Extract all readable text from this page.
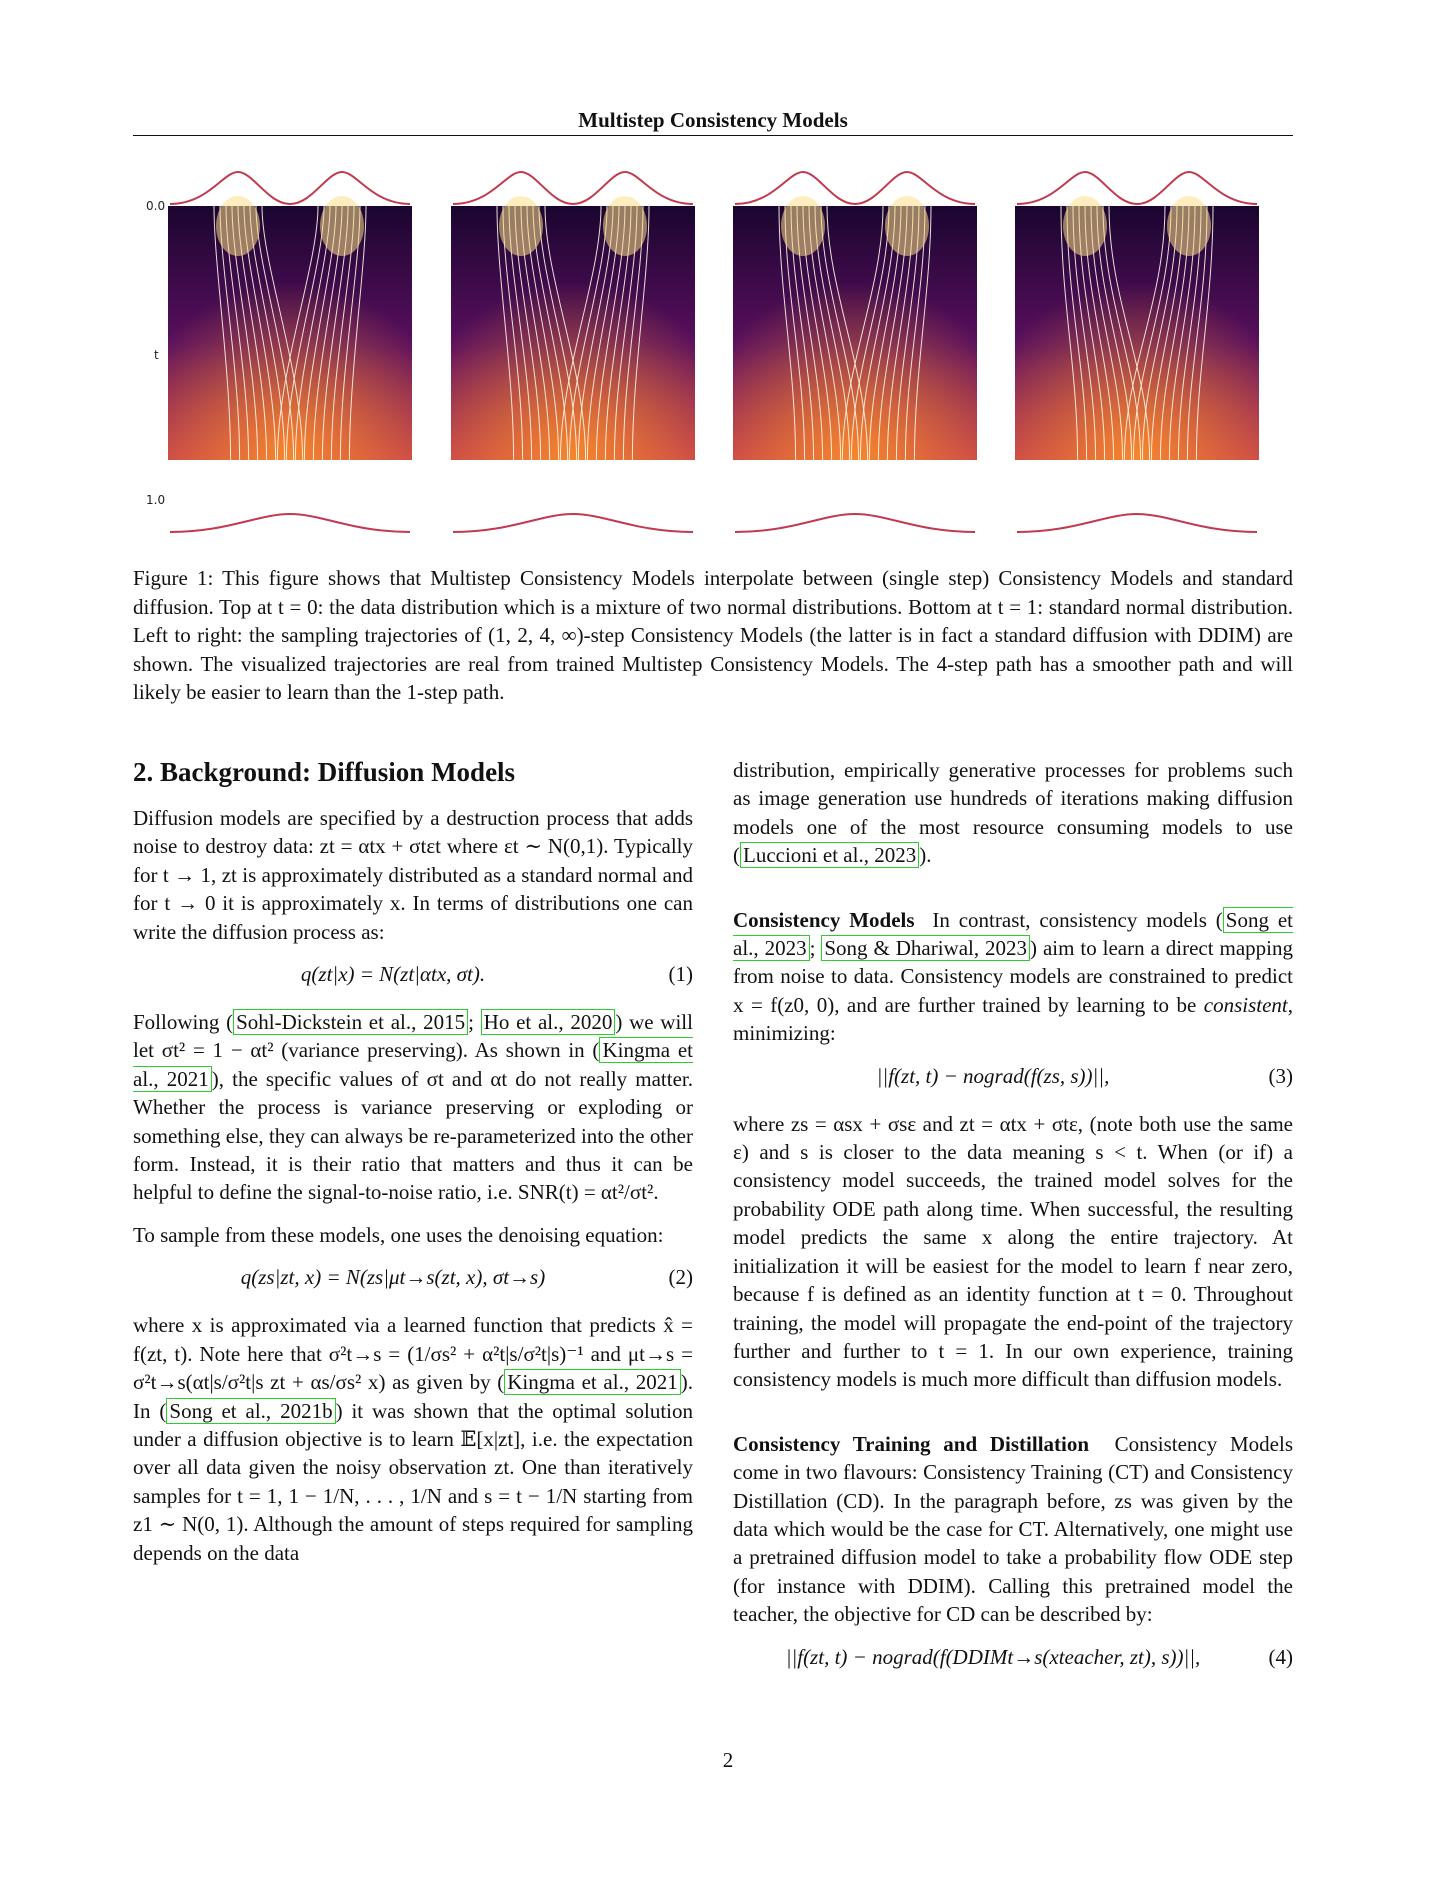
Multistep Consistency Models
0.0
t
1.0
Figure 1: This figure shows that Multistep Consistency Models interpolate between (single step) Consistency Models and standard diffusion. Top at t = 0: the data distribution which is a mixture of two normal distributions. Bottom at t = 1: standard normal distribution. Left to right: the sampling trajectories of (1, 2, 4, ∞)-step Consistency Models (the latter is in fact a standard diffusion with DDIM) are shown. The visualized trajectories are real from trained Multistep Consistency Models. The 4-step path has a smoother path and will likely be easier to learn than the 1-step path.
2. Background: Diffusion Models

Diffusion models are specified by a destruction process that adds noise to destroy data: zt = αtx + σtεt where εt ∼ N(0,1). Typically for t → 1, zt is approximately distributed as a standard normal and for t → 0 it is approximately x. In terms of distributions one can write the diffusion process as:

q(zt|x) = N(zt|αtx, σt).	(1)

Following ( Sohl-Dickstein et al., 2015 ; Ho et al., 2020 ) we will let σt² = 1 − αt² (variance preserving). As shown in ( Kingma et al., 2021 ), the specific values of σt and αt do not really matter. Whether the process is variance preserving or exploding or something else, they can always be re-parameterized into the other form. Instead, it is their ratio that matters and thus it can be helpful to define the signal-to-noise ratio, i.e. SNR(t) = αt²/σt².

To sample from these models, one uses the denoising equation:

q(zs|zt, x) = N(zs|μt→s(zt, x), σt→s)	(2)

where x is approximated via a learned function that predicts x̂ = f(zt, t). Note here that σ²t→s = (1/σs² + α²t|s/σ²t|s)⁻¹ and μt→s = σ²t→s(αt|s/σ²t|s zt + αs/σs² x) as given by ( Kingma et al., 2021 ). In ( Song et al., 2021b ) it was shown that the optimal solution under a diffusion objective is to learn 𝔼[x|zt], i.e. the expectation over all data given the noisy observation zt. One than iteratively samples for t = 1, 1 − 1/N, . . . , 1/N and s = t − 1/N starting from z1 ∼ N(0, 1). Although the amount of steps required for sampling depends on the data

distribution, empirically generative processes for problems such as image generation use hundreds of iterations making diffusion models one of the most resource consuming models to use ( Luccioni et al., 2023 ).

Consistency Models In contrast, consistency models ( Song et al., 2023 ; Song & Dhariwal, 2023 ) aim to learn a direct mapping from noise to data. Consistency models are constrained to predict x = f(z0, 0), and are further trained by learning to be consistent, minimizing:

||f(zt, t) − nograd(f(zs, s))||,	(3)

where zs = αsx + σsε and zt = αtx + σtε, (note both use the same ε) and s is closer to the data meaning s < t. When (or if) a consistency model succeeds, the trained model solves for the probability ODE path along time. When successful, the resulting model predicts the same x along the entire trajectory. At initialization it will be easiest for the model to learn f near zero, because f is defined as an identity function at t = 0. Throughout training, the model will propagate the end-point of the trajectory further and further to t = 1. In our own experience, training consistency models is much more difficult than diffusion models.

Consistency Training and Distillation Consistency Models come in two flavours: Consistency Training (CT) and Consistency Distillation (CD). In the paragraph before, zs was given by the data which would be the case for CT. Alternatively, one might use a pretrained diffusion model to take a probability flow ODE step (for instance with DDIM). Calling this pretrained model the teacher, the objective for CD can be described by:

||f(zt, t) − nograd(f(DDIMt→s(xteacher, zt), s))||,	(4)
2
